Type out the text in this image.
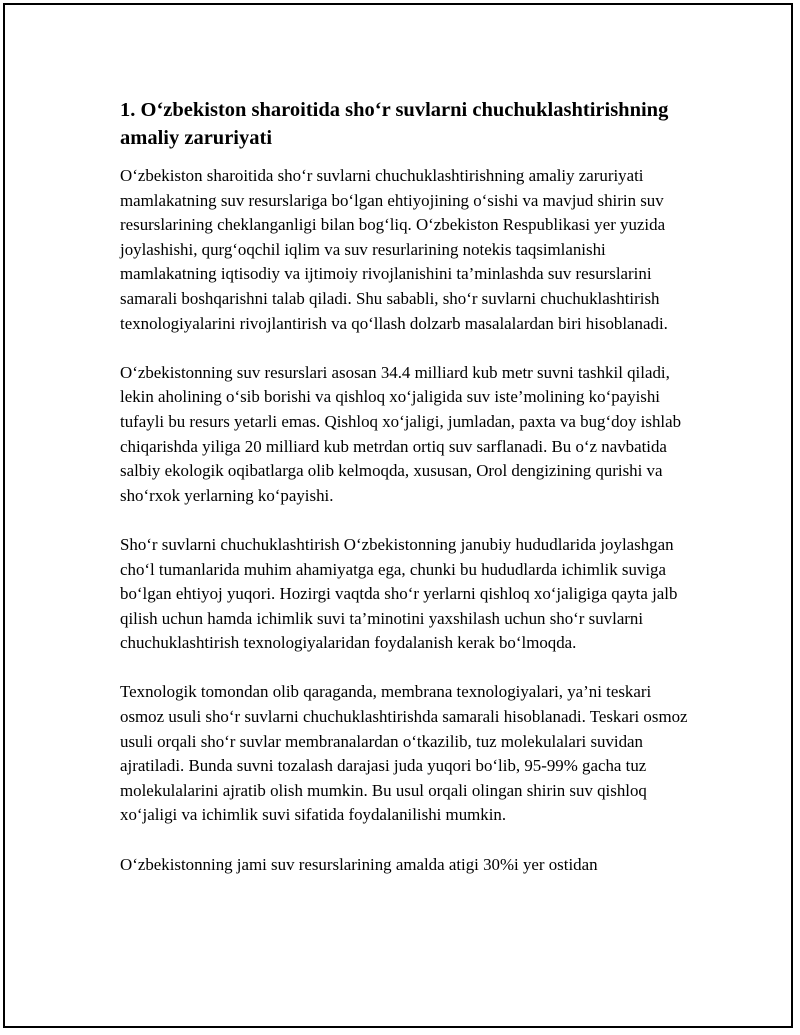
1. O‘zbekiston sharoitida sho‘r suvlarni chuchuklashtirishning amaliy zaruriyati

O‘zbekiston sharoitida sho‘r suvlarni chuchuklashtirishning amaliy zaruriyati mamlakatning suv resurslariga bo‘lgan ehtiyojining o‘sishi va mavjud shirin suv resurslarining cheklanganligi bilan bog‘liq. O‘zbekiston Respublikasi yer yuzida joylashishi, qurg‘oqchil iqlim va suv resurlarining notekis taqsimlanishi mamlakatning iqtisodiy va ijtimoiy rivojlanishini ta’minlashda suv resurslarini samarali boshqarishni talab qiladi. Shu sababli, sho‘r suvlarni chuchuklashtirish texnologiyalarini rivojlantirish va qo‘llash dolzarb masalalardan biri hisoblanadi.

O‘zbekistonning suv resurslari asosan 34.4 milliard kub metr suvni tashkil qiladi, lekin aholining o‘sib borishi va qishloq xo‘jaligida suv iste’molining ko‘payishi tufayli bu resurs yetarli emas. Qishloq xo‘jaligi, jumladan, paxta va bug‘doy ishlab chiqarishda yiliga 20 milliard kub metrdan ortiq suv sarflanadi. Bu o‘z navbatida salbiy ekologik oqibatlarga olib kelmoqda, xususan, Orol dengizining qurishi va sho‘rxok yerlarning ko‘payishi.

Sho‘r suvlarni chuchuklashtirish O‘zbekistonning janubiy hududlarida joylashgan cho‘l tumanlarida muhim ahamiyatga ega, chunki bu hududlarda ichimlik suviga bo‘lgan ehtiyoj yuqori. Hozirgi vaqtda sho‘r yerlarni qishloq xo‘jaligiga qayta jalb qilish uchun hamda ichimlik suvi ta’minotini yaxshilash uchun sho‘r suvlarni chuchuklashtirish texnologiyalaridan foydalanish kerak bo‘lmoqda.

Texnologik tomondan olib qaraganda, membrana texnologiyalari, ya’ni teskari osmoz usuli sho‘r suvlarni chuchuklashtirishda samarali hisoblanadi. Teskari osmoz usuli orqali sho‘r suvlar membranalardan o‘tkazilib, tuz molekulalari suvidan ajratiladi. Bunda suvni tozalash darajasi juda yuqori bo‘lib, 95-99% gacha tuz molekulalarini ajratib olish mumkin. Bu usul orqali olingan shirin suv qishloq xo‘jaligi va ichimlik suvi sifatida foydalanilishi mumkin.

O‘zbekistonning jami suv resurslarining amalda atigi 30%i yer ostidan
